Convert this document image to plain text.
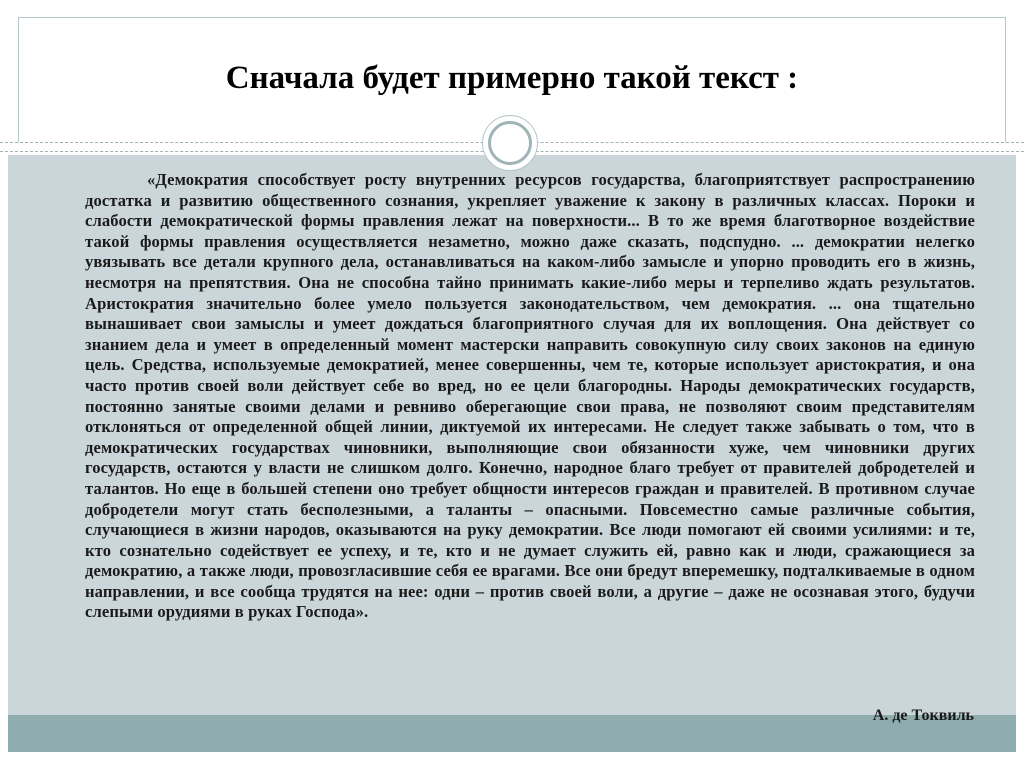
Сначала будет примерно такой текст :

«Демократия способствует росту внутренних ресурсов государства, благоприятствует распространению достатка и развитию общественного сознания, укрепляет уважение к закону в различных классах. Пороки и слабости демократической формы правления лежат на поверхности... В то же время благотворное воздействие такой формы правления осуществляется незаметно, можно даже сказать, подспудно. ... демократии нелегко увязывать все детали крупного дела, останавливаться на каком-либо замысле и упорно проводить его в жизнь, несмотря на препятствия. Она не способна тайно принимать какие-либо меры и терпеливо ждать результатов. Аристократия значительно более умело пользуется законодательством, чем демократия. ... она тщательно вынашивает свои замыслы и умеет дождаться благоприятного случая для их воплощения. Она действует со знанием дела и умеет в определенный момент мастерски направить совокупную силу своих законов на единую цель. Средства, используемые демократией, менее совершенны, чем те, которые использует аристократия, и она часто против своей воли действует себе во вред, но ее цели благородны. Народы демократических государств, постоянно занятые своими делами и ревниво оберегающие свои права, не позволяют своим представителям отклоняться от определенной общей линии, диктуемой их интересами. Не следует также забывать о том, что в демократических государствах чиновники, выполняющие свои обязанности хуже, чем чиновники других государств, остаются у власти не слишком долго. Конечно, народное благо требует от правителей добродетелей и талантов. Но еще в большей степени оно требует общности интересов граждан и правителей. В противном случае добродетели могут стать бесполезными, а таланты – опасными. Повсеместно самые различные события, случающиеся в жизни народов, оказываются на руку демократии. Все люди помогают ей своими усилиями: и те, кто сознательно содействует ее успеху, и те, кто и не думает служить ей, равно как и люди, сражающиеся за демократию, а также люди, провозгласившие себя ее врагами. Все они бредут вперемешку, подталкиваемые в одном направлении, и все сообща трудятся на нее: одни – против своей воли, а другие – даже не осознавая этого, будучи слепыми орудиями в руках Господа».

А. де Токвиль
